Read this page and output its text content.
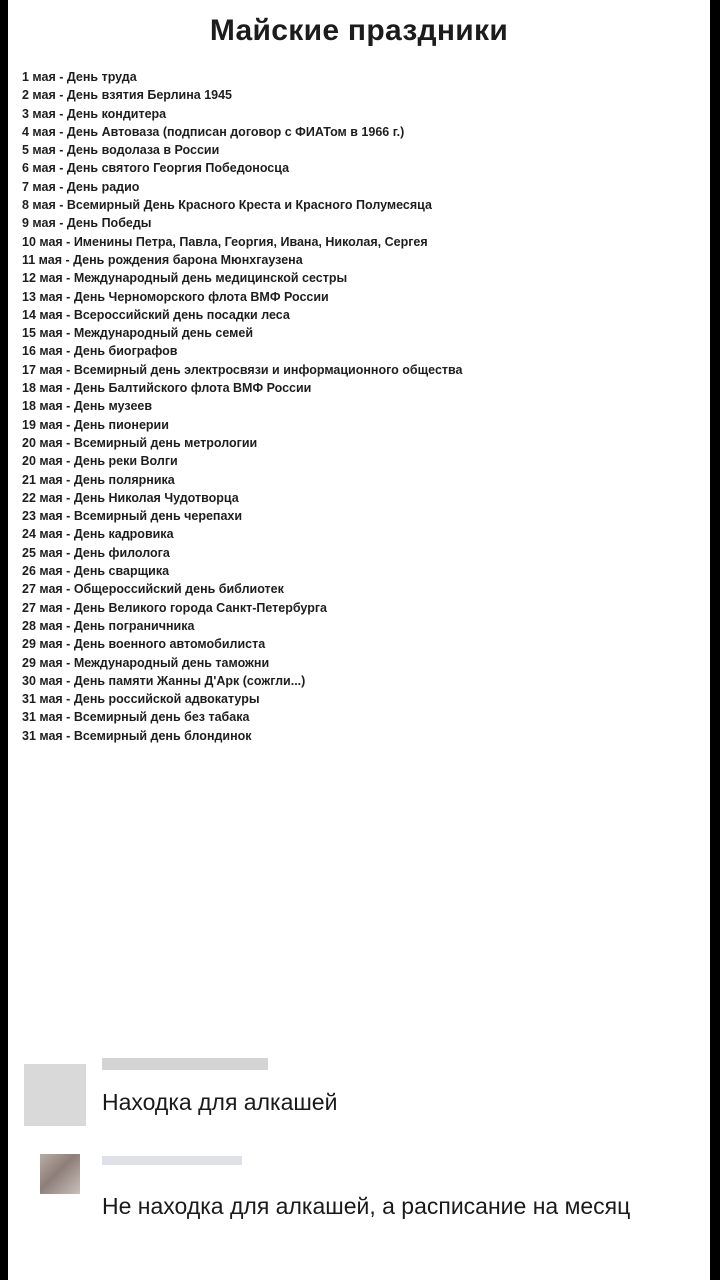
Майские праздники
1 мая - День труда
2 мая - День взятия Берлина 1945
3 мая - День кондитера
4 мая - День Автоваза (подписан договор с ФИАТом в 1966 г.)
5 мая - День водолаза в России
6 мая - День святого Георгия Победоносца
7 мая - День радио
8 мая - Всемирный День Красного Креста и Красного Полумесяца
9 мая - День Победы
10 мая - Именины Петра, Павла, Георгия, Ивана, Николая, Сергея
11 мая - День рождения барона Мюнхгаузена
12 мая - Международный день медицинской сестры
13 мая - День Черноморского флота ВМФ России
14 мая - Всероссийский день посадки леса
15 мая - Международный день семей
16 мая - День биографов
17 мая - Всемирный день электросвязи и информационного общества
18 мая - День Балтийского флота ВМФ России
18 мая - День музеев
19 мая - День пионерии
20 мая - Всемирный день метрологии
20 мая - День реки Волги
21 мая - День полярника
22 мая - День Николая Чудотворца
23 мая - Всемирный день черепахи
24 мая - День кадровика
25 мая - День филолога
26 мая - День сварщика
27 мая - Общероссийский день библиотек
27 мая - День Великого города Санкт-Петербурга
28 мая - День пограничника
29 мая - День военного автомобилиста
29 мая - Международный день таможни
30 мая - День памяти Жанны Д'Арк (сожгли...)
31 мая - День российской адвокатуры
31 мая - Всемирный день без табака
31 мая - Всемирный день блондинок
Находка для алкашей
Не находка для алкашей, а расписание на месяц
